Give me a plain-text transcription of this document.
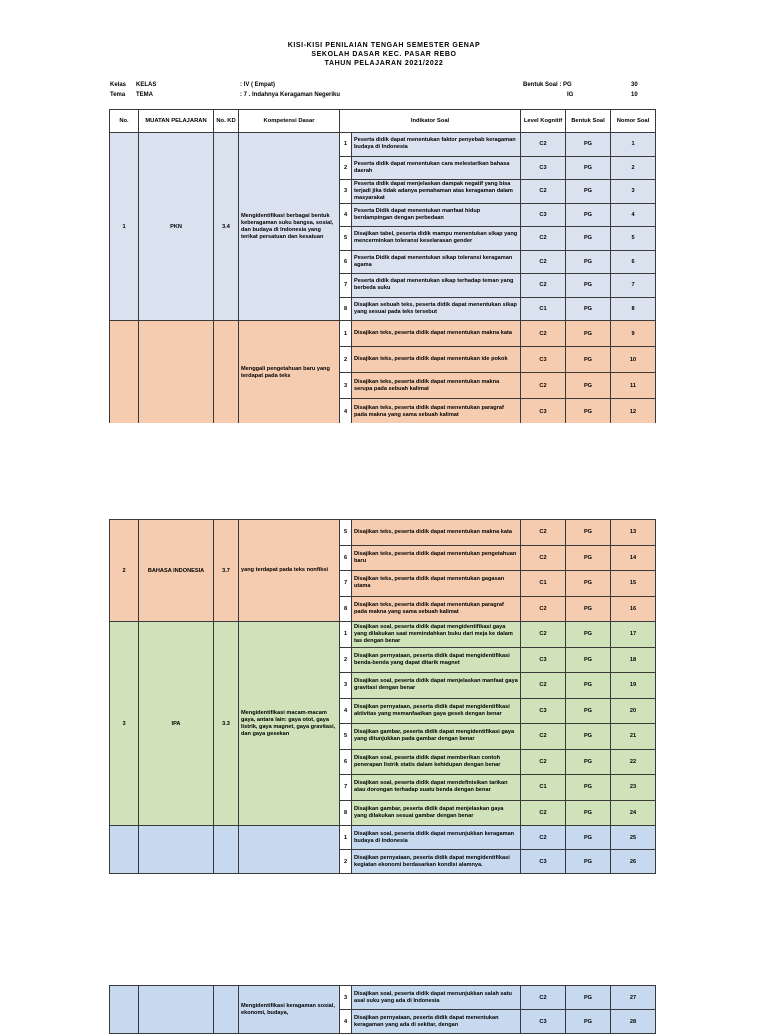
KISI-KISI PENILAIAN TENGAH SEMESTER GENAP
SEKOLAH DASAR KEC. PASAR REBO
TAHUN PELAJARAN 2021/2022
Kelas KELAS	: IV ( Empat)
Tema TEMA	: 7 . Indahnya Keragaman Negeriku
Bentuk Soal : PG	30
IG	10
No.	MUATAN PELAJARAN	No. KD	Kompetensi Dasar	Indikator Soal		Level Kognitif	Bentuk Soal	Nomor Soal
1	PKN	3.4	Mengidentifikasi berbagai bentuk keberagaman suku bangsa, sosial, dan budaya di Indonesia yang terikat persatuan dan kesatuan	1	Peserta didik dapat menentukan faktor penyebab keragaman budaya di Indonesia	C2	PG	1
				2	Peserta didik dapat menentukan cara melestarikan bahasa daerah	C3	PG	2
				3	Peserta didik dapat menjelaskan dampak negatif yang bisa terjadi jika tidak adanya pemahaman atas keragaman dalam masyarakat	C2	PG	3
				4	Peserta Didik dapat menentukan manfaat hidup berdampingan dengan perbedaan	C3	PG	4
				5	Disajikan tabel, peserta didik mampu menentukan sikap yang mencerminkan toleransi keselarasan gender	C2	PG	5
				6	Peserta Didik dapat menentukan sikap toleransi keragaman agama	C2	PG	6
				7	Peserta didik dapat menentukan sikap terhadap teman yang berbeda suku	C2	PG	7
				8	Disajikan sebuah teks, peserta didik dapat menentukan sikap yang sesuai pada teks tersebut	C1	PG	8
			Menggali pengetahuan baru yang terdapat pada teks	1	Disajikan teks, peserta didik dapat menentukan makna kata	C2	PG	9
				2	Disajikan teks, peserta didik dapat menentukan ide pokok	C3	PG	10
				3	Disajikan teks, peserta didik dapat menentukan makna serupa pada sebuah kalimat	C2	PG	11
				4	Disajikan teks, peserta didik dapat menentukan paragraf pada makna yang sama sebuah kalimat	C3	PG	12
2	BAHASA INDONESIA	3.7	yang terdapat pada teks nonfiksi	5	Disajikan teks, peserta didik dapat menentukan makna kata	C2	PG	13
				6	Disajikan teks, peserta didik dapat menentukan pengetahuan baru	C2	PG	14
				7	Disajikan teks, peserta didik dapat menentukan gagasan utama	C1	PG	15
				8	Disajikan teks, peserta didik dapat menentukan paragraf pada makna yang sama sebuah kalimat	C2	PG	16
3	IPA	3.3	Mengidentifikasi macam-macam gaya, antara lain: gaya otot, gaya listrik, gaya magnet, gaya gravitasi, dan gaya gesekan	1	Disajikan soal, peserta didik dapat mengidentifikasi gaya yang dilakukan saat memindahkan buku dari meja ke dalam tas dengan benar	C2	PG	17
				2	Disajikan pernyataan, peserta didik dapat mengidentifikasi benda-benda yang dapat ditarik magnet	C3	PG	18
				3	Disajikan soal, peserta didik dapat menjelaskan manfaat gaya gravitasi dengan benar	C2	PG	19
				4	Disajikan pernyataan, peserta didik dapat mengidentifikasi aktivitas yang memanfaatkan gaya gesek dengan benar	C3	PG	20
				5	Disajikan gambar, peserta didik dapat mengidentifikasi gaya yang ditunjukkan pada gambar dengan benar	C2	PG	21
				6	Disajikan soal, peserta didik dapat memberikan contoh penerapan listrik statis dalam kehidupan dengan benar	C2	PG	22
				7	Disajikan soal, peserta didik dapat mendefinisikan tarikan atau dorongan terhadap suatu benda dengan benar	C1	PG	23
				8	Disajikan gambar, peserta didik dapat menjelaskan gaya yang dilakukan sesuai gambar dengan benar	C2	PG	24
				1	Disajikan soal, peserta didik dapat menunjukkan keragaman budaya di Indonesia	C2	PG	25
				2	Disajikan pernyataan, peserta didik dapat mengidentifikasi kegiatan ekonomi berdasarkan kondisi alamnya.	C3	PG	26
			Mengidentifikasi keragaman sosial, ekonomi, budaya,	3	Disajikan soal, peserta didik dapat menunjukkan salah satu asal suku yang ada di Indonesia	C2	PG	27
				4	Disajikan pernyataan, peserta didik dapat menentukan keragaman yang ada di sekitar, dengan	C3	PG	28
